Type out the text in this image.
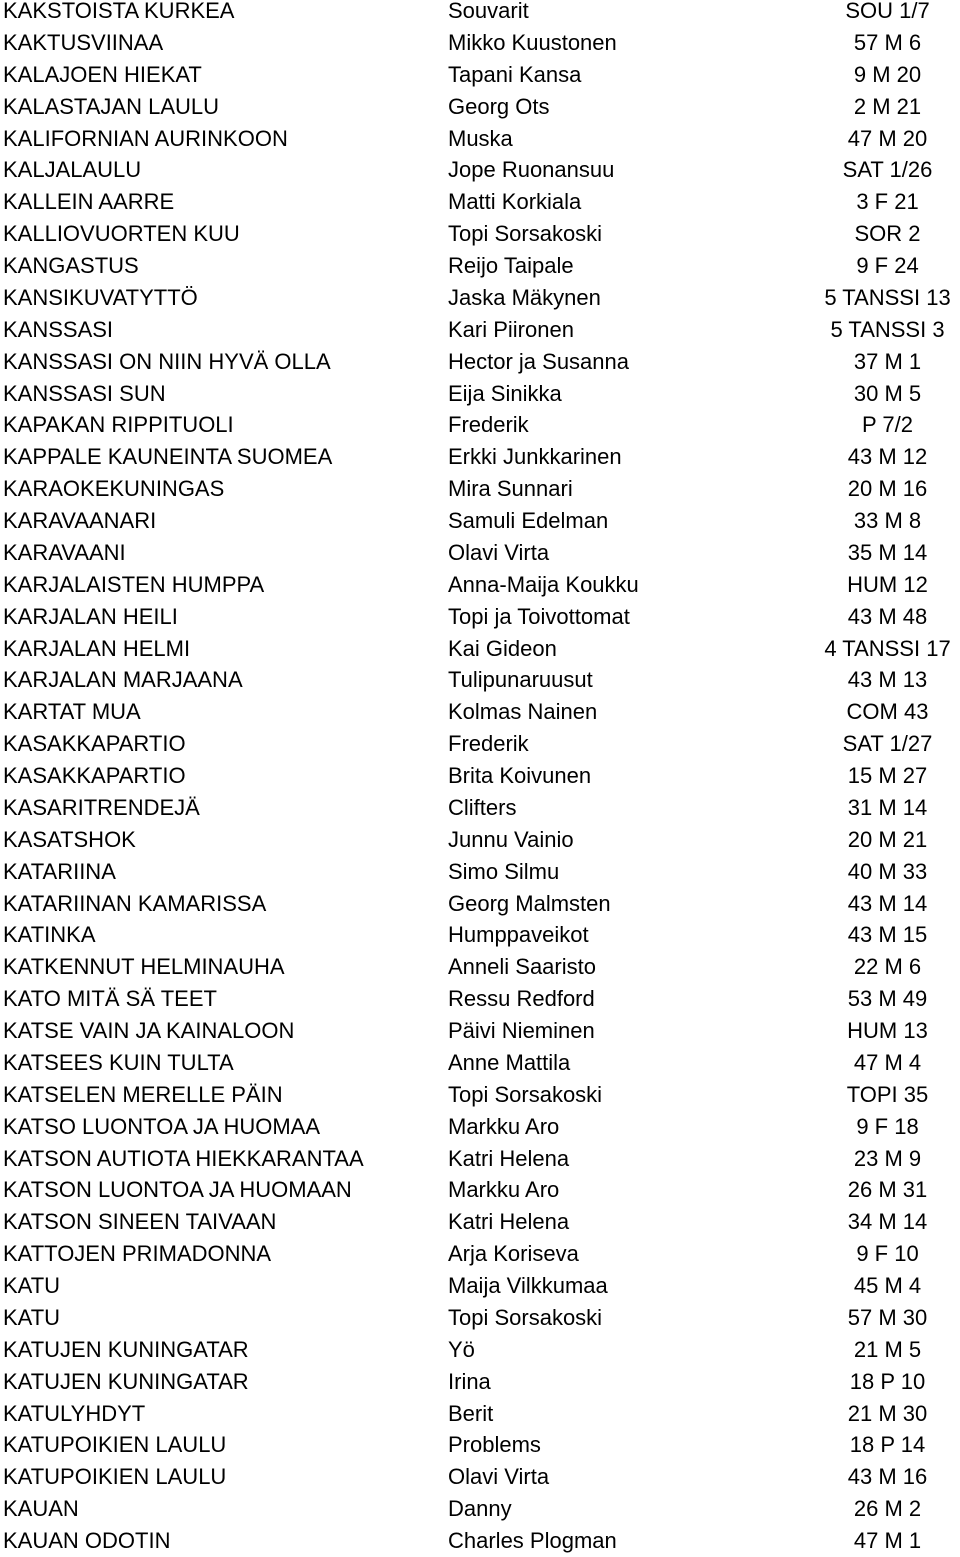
KAKSTOISTA KURKEA	Souvarit	SOU 1/7
KAKTUSVIINAA	Mikko Kuustonen	57 M 6
KALAJOEN HIEKAT	Tapani Kansa	9 M 20
KALASTAJAN LAULU	Georg Ots	2 M 21
KALIFORNIAN AURINKOON	Muska	47 M 20
KALJALAULU	Jope Ruonansuu	SAT 1/26
KALLEIN AARRE	Matti Korkiala	3 F 21
KALLIOVUORTEN KUU	Topi Sorsakoski	SOR 2
KANGASTUS	Reijo Taipale	9 F 24
KANSIKUVATYTTÖ	Jaska Mäkynen	5 TANSSI 13
KANSSASI	Kari Piironen	5 TANSSI 3
KANSSASI ON NIIN HYVÄ OLLA	Hector ja Susanna	37 M 1
KANSSASI SUN	Eija Sinikka	30 M 5
KAPAKAN RIPPITUOLI	Frederik	P 7/2
KAPPALE KAUNEINTA SUOMEA	Erkki Junkkarinen	43 M 12
KARAOKEKUNINGAS	Mira Sunnari	20 M 16
KARAVAANARI	Samuli Edelman	33 M 8
KARAVAANI	Olavi Virta	35 M 14
KARJALAISTEN HUMPPA	Anna-Maija Koukku	HUM 12
KARJALAN HEILI	Topi ja Toivottomat	43 M 48
KARJALAN HELMI	Kai Gideon	4 TANSSI 17
KARJALAN MARJAANA	Tulipunaruusut	43 M 13
KARTAT MUA	Kolmas Nainen	COM 43
KASAKKAPARTIO	Frederik	SAT 1/27
KASAKKAPARTIO	Brita Koivunen	15 M 27
KASARITRENDEJÄ	Clifters	31 M 14
KASATSHOK	Junnu Vainio	20 M 21
KATARIINA	Simo Silmu	40 M 33
KATARIINAN KAMARISSA	Georg Malmsten	43 M 14
KATINKA	Humppaveikot	43 M 15
KATKENNUT HELMINAUHA	Anneli Saaristo	22 M 6
KATO MITÄ SÄ TEET	Ressu Redford	53 M 49
KATSE VAIN JA KAINALOON	Päivi Nieminen	HUM 13
KATSEES KUIN TULTA	Anne Mattila	47 M 4
KATSELEN MERELLE PÄIN	Topi Sorsakoski	TOPI 35
KATSO LUONTOA JA HUOMAA	Markku Aro	9 F 18
KATSON AUTIOTA HIEKKARANTAA	Katri Helena	23 M 9
KATSON LUONTOA JA HUOMAAN	Markku Aro	26 M 31
KATSON SINEEN TAIVAAN	Katri Helena	34 M 14
KATTOJEN PRIMADONNA	Arja Koriseva	9 F 10
KATU	Maija Vilkkumaa	45 M 4
KATU	Topi Sorsakoski	57 M 30
KATUJEN KUNINGATAR	Yö	21 M 5
KATUJEN KUNINGATAR	Irina	18 P 10
KATULYHDYT	Berit	21 M 30
KATUPOIKIEN LAULU	Problems	18 P 14
KATUPOIKIEN LAULU	Olavi Virta	43 M 16
KAUAN	Danny	26 M 2
KAUAN ODOTIN	Charles Plogman	47 M 1
